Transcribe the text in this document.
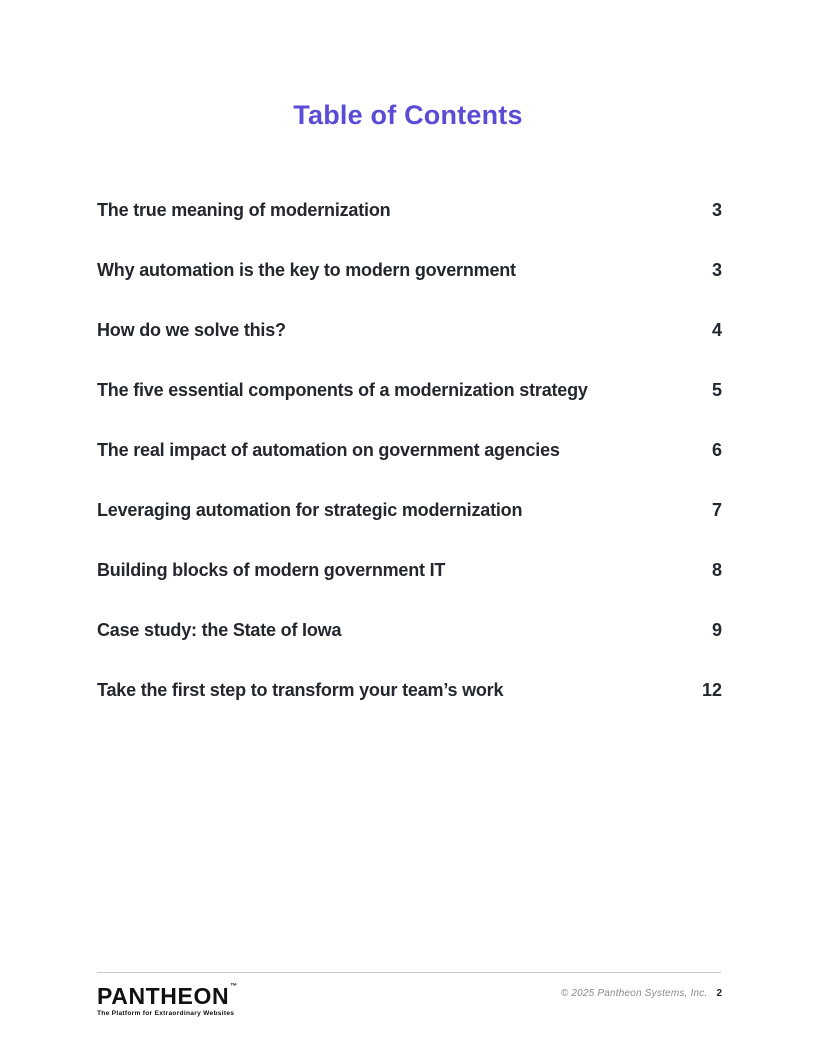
Table of Contents
The true meaning of modernization	3
Why automation is the key to modern government	3
How do we solve this?	4
The five essential components of a modernization strategy	5
The real impact of automation on government agencies	6
Leveraging automation for strategic modernization	7
Building blocks of modern government IT	8
Case study: the State of Iowa	9
Take the first step to transform your team’s work	12
PANTHEON™
The Platform for Extraordinary Websites
© 2025 Pantheon Systems, Inc. 2
